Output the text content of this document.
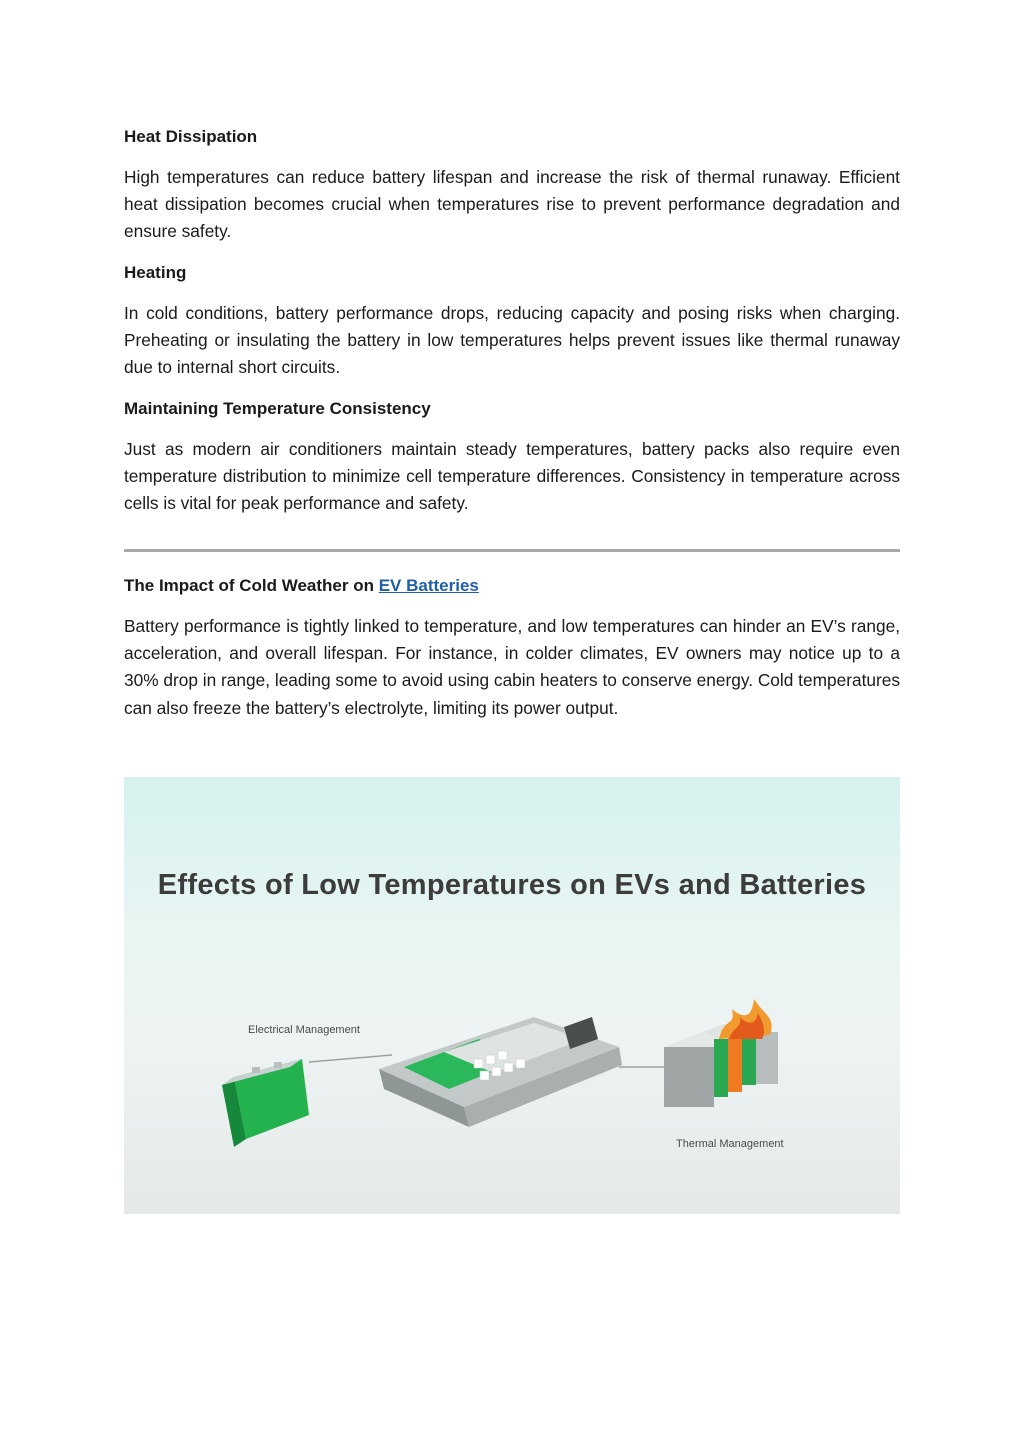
Heat Dissipation

High temperatures can reduce battery lifespan and increase the risk of thermal runaway. Efficient heat dissipation becomes crucial when temperatures rise to prevent performance degradation and ensure safety.

Heating

In cold conditions, battery performance drops, reducing capacity and posing risks when charging. Preheating or insulating the battery in low temperatures helps prevent issues like thermal runaway due to internal short circuits.

Maintaining Temperature Consistency

Just as modern air conditioners maintain steady temperatures, battery packs also require even temperature distribution to minimize cell temperature differences. Consistency in temperature across cells is vital for peak performance and safety.

The Impact of Cold Weather on EV Batteries

Battery performance is tightly linked to temperature, and low temperatures can hinder an EV’s range, acceleration, and overall lifespan. For instance, in colder climates, EV owners may notice up to a 30% drop in range, leading some to avoid using cabin heaters to conserve energy. Cold temperatures can also freeze the battery’s electrolyte, limiting its power output.

Effects of Low Temperatures on EVs and Batteries
Electrical Management
Thermal Management
